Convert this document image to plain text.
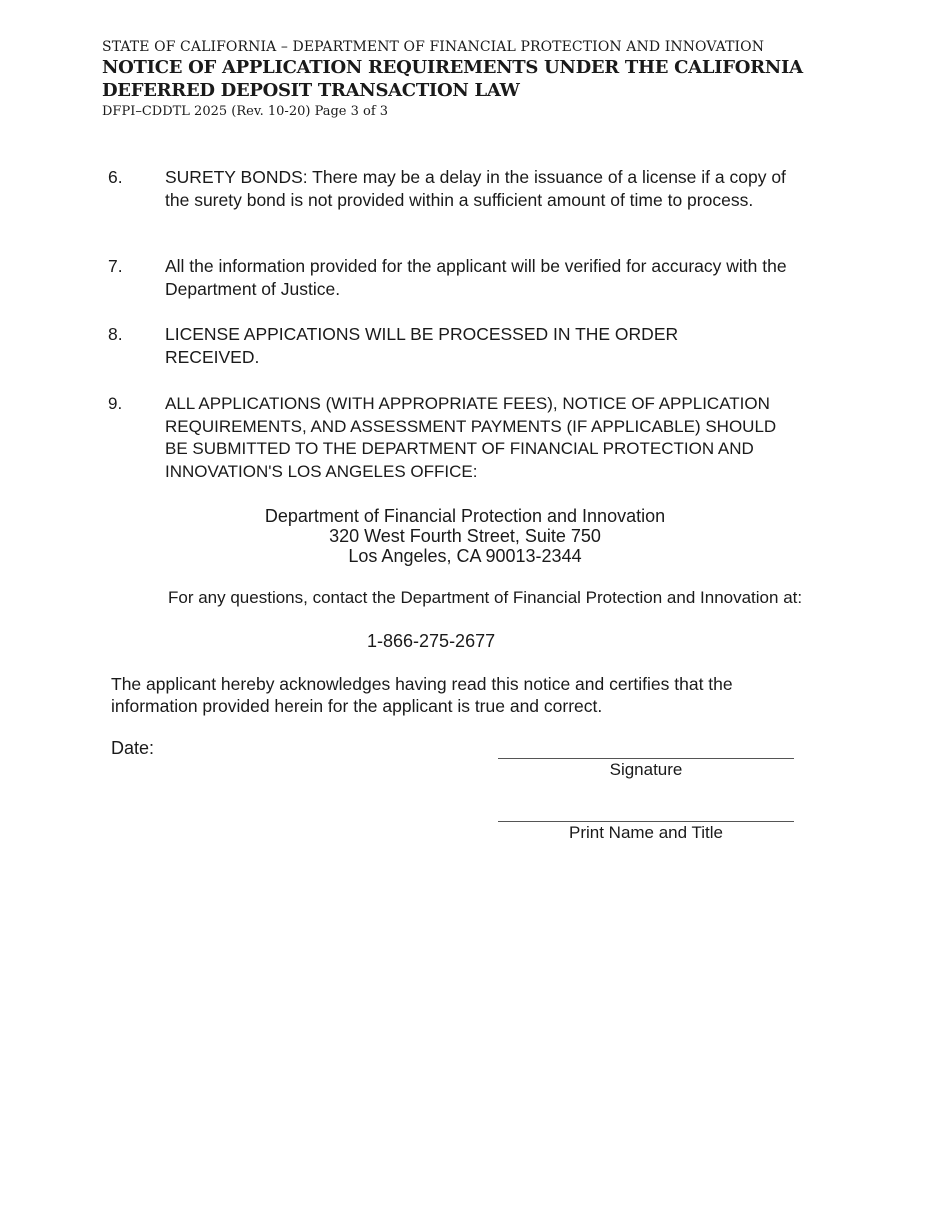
STATE OF CALIFORNIA – DEPARTMENT OF FINANCIAL PROTECTION AND INNOVATION
NOTICE OF APPLICATION REQUIREMENTS UNDER THE CALIFORNIA
DEFERRED DEPOSIT TRANSACTION LAW
DFPI–CDDTL 2025 (Rev. 10-20) Page 3 of 3
6.	SURETY BONDS: There may be a delay in the issuance of a license if a copy of the surety bond is not provided within a sufficient amount of time to process.
7.	All the information provided for the applicant will be verified for accuracy with the Department of Justice.
8.	LICENSE APPICATIONS WILL BE PROCESSED IN THE ORDER RECEIVED.
9.	ALL APPLICATIONS (WITH APPROPRIATE FEES), NOTICE OF APPLICATION REQUIREMENTS, AND ASSESSMENT PAYMENTS (IF APPLICABLE) SHOULD BE SUBMITTED TO THE DEPARTMENT OF FINANCIAL PROTECTION AND INNOVATION'S LOS ANGELES OFFICE:
Department of Financial Protection and Innovation
320 West Fourth Street, Suite 750
Los Angeles, CA 90013-2344
For any questions, contact the Department of Financial Protection and Innovation at:
1-866-275-2677
The applicant hereby acknowledges having read this notice and certifies that the information provided herein for the applicant is true and correct.
Date:
Signature
Print Name and Title
